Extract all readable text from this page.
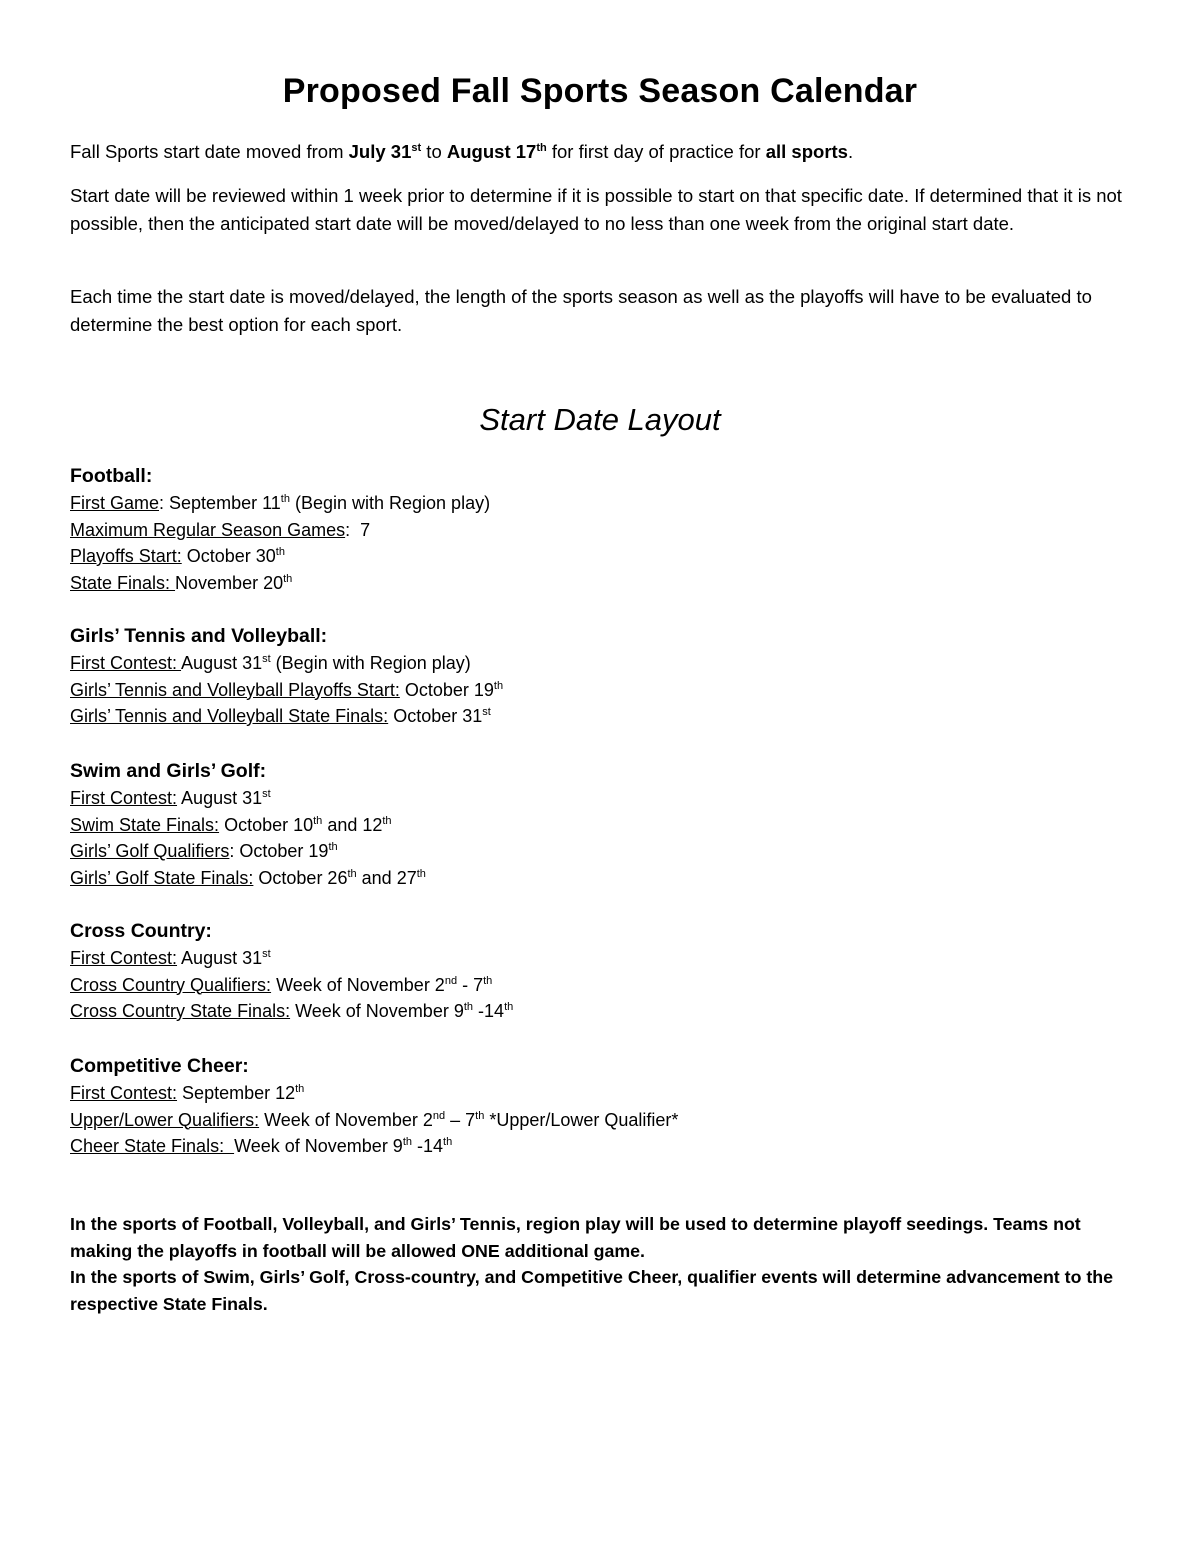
Proposed Fall Sports Season Calendar
Fall Sports start date moved from July 31st to August 17th for first day of practice for all sports.
Start date will be reviewed within 1 week prior to determine if it is possible to start on that specific date. If determined that it is not possible, then the anticipated start date will be moved/delayed to no less than one week from the original start date.
Each time the start date is moved/delayed, the length of the sports season as well as the playoffs will have to be evaluated to determine the best option for each sport.
Start Date Layout

Football:

First Game: September 11th (Begin with Region play)

Maximum Regular Season Games:  7

Playoffs Start: October 30th

State Finals: November 20th

Girls’ Tennis and Volleyball:

First Contest: August 31st (Begin with Region play)

Girls’ Tennis and Volleyball Playoffs Start: October 19th

Girls’ Tennis and Volleyball State Finals: October 31st

Swim and Girls’ Golf:

First Contest: August 31st

Swim State Finals: October 10th and 12th

Girls’ Golf Qualifiers: October 19th

Girls’ Golf State Finals: October 26th and 27th

Cross Country:

First Contest: August 31st

Cross Country Qualifiers: Week of November 2nd - 7th

Cross Country State Finals: Week of November 9th -14th

Competitive Cheer:

First Contest: September 12th

Upper/Lower Qualifiers: Week of November 2nd – 7th *Upper/Lower Qualifier*

Cheer State Finals:  Week of November 9th -14th

In the sports of Football, Volleyball, and Girls’ Tennis, region play will be used to determine playoff seedings. Teams not making the playoffs in football will be allowed ONE additional game.
In the sports of Swim, Girls’ Golf, Cross-country, and Competitive Cheer, qualifier events will determine advancement to the respective State Finals.
